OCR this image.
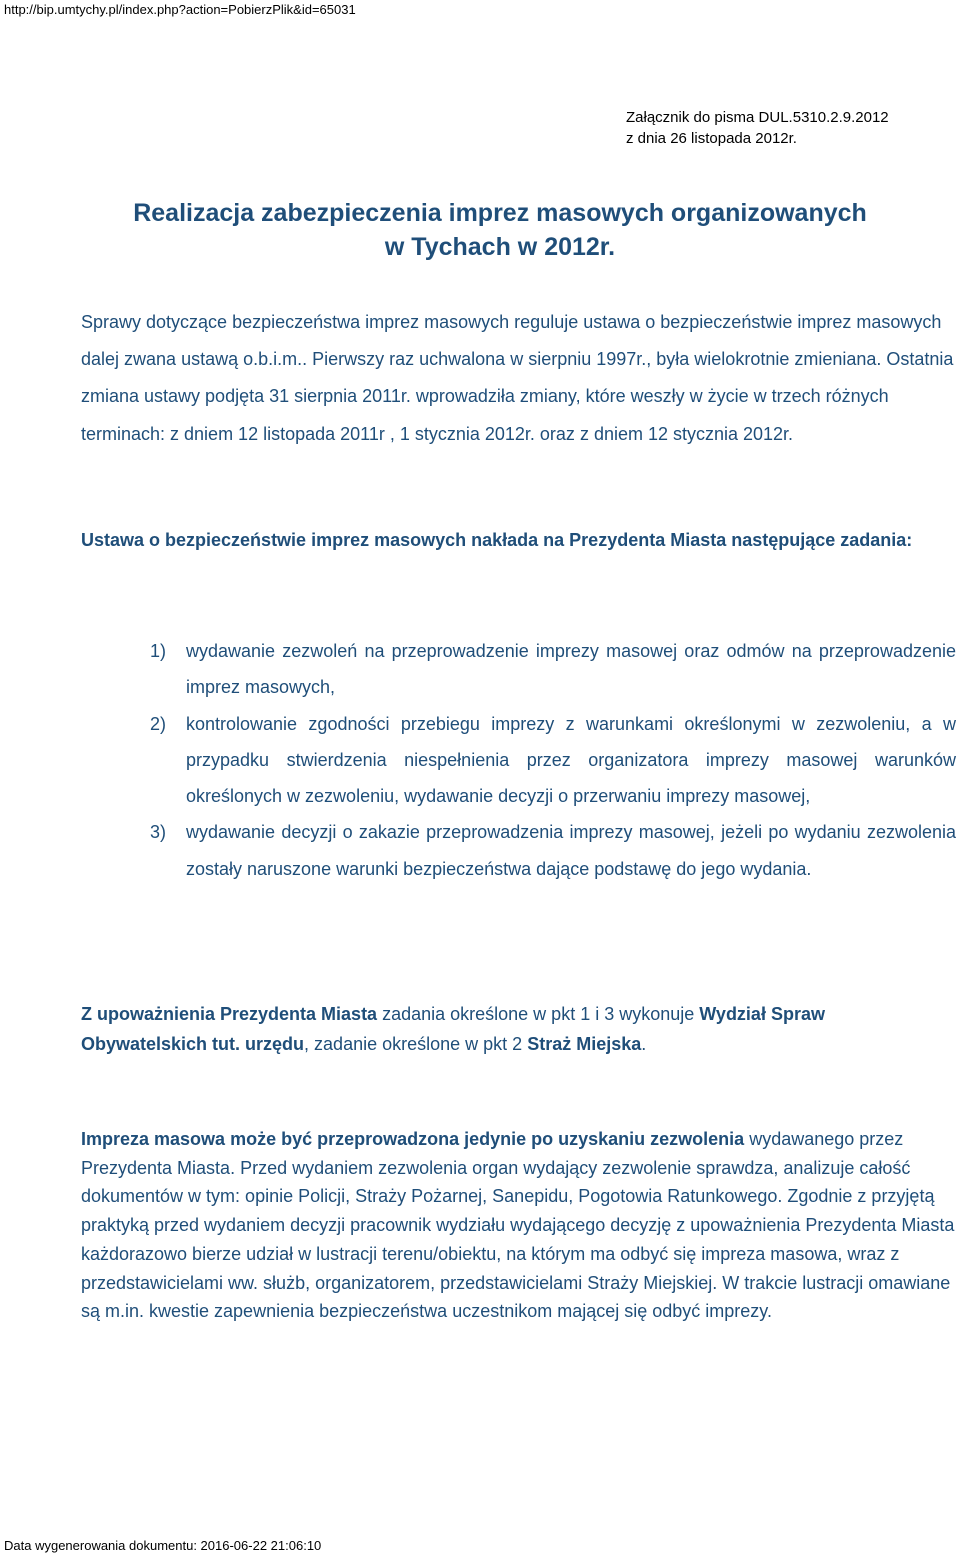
http://bip.umtychy.pl/index.php?action=PobierzPlik&id=65031
Załącznik do pisma DUL.5310.2.9.2012
z dnia 26 listopada 2012r.
Realizacja zabezpieczenia imprez masowych organizowanych
w Tychach w 2012r.
Sprawy dotyczące bezpieczeństwa imprez masowych reguluje ustawa o bezpieczeństwie imprez masowych dalej zwana ustawą o.b.i.m.. Pierwszy raz uchwalona w sierpniu 1997r., była wielokrotnie zmieniana. Ostatnia zmiana ustawy podjęta 31 sierpnia 2011r. wprowadziła zmiany, które weszły w życie w trzech różnych terminach: z dniem 12 listopada 2011r , 1 stycznia 2012r. oraz z dniem 12 stycznia 2012r.
Ustawa o bezpieczeństwie imprez masowych nakłada na Prezydenta Miasta następujące zadania:
1)	wydawanie zezwoleń na przeprowadzenie imprezy masowej oraz odmów na przeprowadzenie imprez masowych,
2)	kontrolowanie zgodności przebiegu imprezy z warunkami określonymi w zezwoleniu, a w przypadku stwierdzenia niespełnienia przez organizatora imprezy masowej warunków określonych w zezwoleniu, wydawanie decyzji o przerwaniu imprezy masowej,
3)	wydawanie decyzji o zakazie przeprowadzenia imprezy masowej, jeżeli po wydaniu zezwolenia zostały naruszone warunki bezpieczeństwa dające podstawę do jego wydania.
Z upoważnienia Prezydenta Miasta zadania określone w pkt 1 i 3 wykonuje Wydział Spraw Obywatelskich tut. urzędu, zadanie określone w pkt 2 Straż Miejska.
Impreza masowa może być przeprowadzona jedynie po uzyskaniu zezwolenia wydawanego przez Prezydenta Miasta. Przed wydaniem zezwolenia organ wydający zezwolenie sprawdza, analizuje całość dokumentów w tym: opinie Policji, Straży Pożarnej, Sanepidu, Pogotowia Ratunkowego. Zgodnie z przyjętą praktyką przed wydaniem decyzji pracownik wydziału wydającego decyzję z upoważnienia Prezydenta Miasta każdorazowo bierze udział w lustracji terenu/obiektu, na którym ma odbyć się impreza masowa, wraz z przedstawicielami ww. służb, organizatorem, przedstawicielami Straży Miejskiej. W trakcie lustracji omawiane są m.in. kwestie zapewnienia bezpieczeństwa uczestnikom mającej się odbyć imprezy.
Data wygenerowania dokumentu: 2016-06-22 21:06:10
